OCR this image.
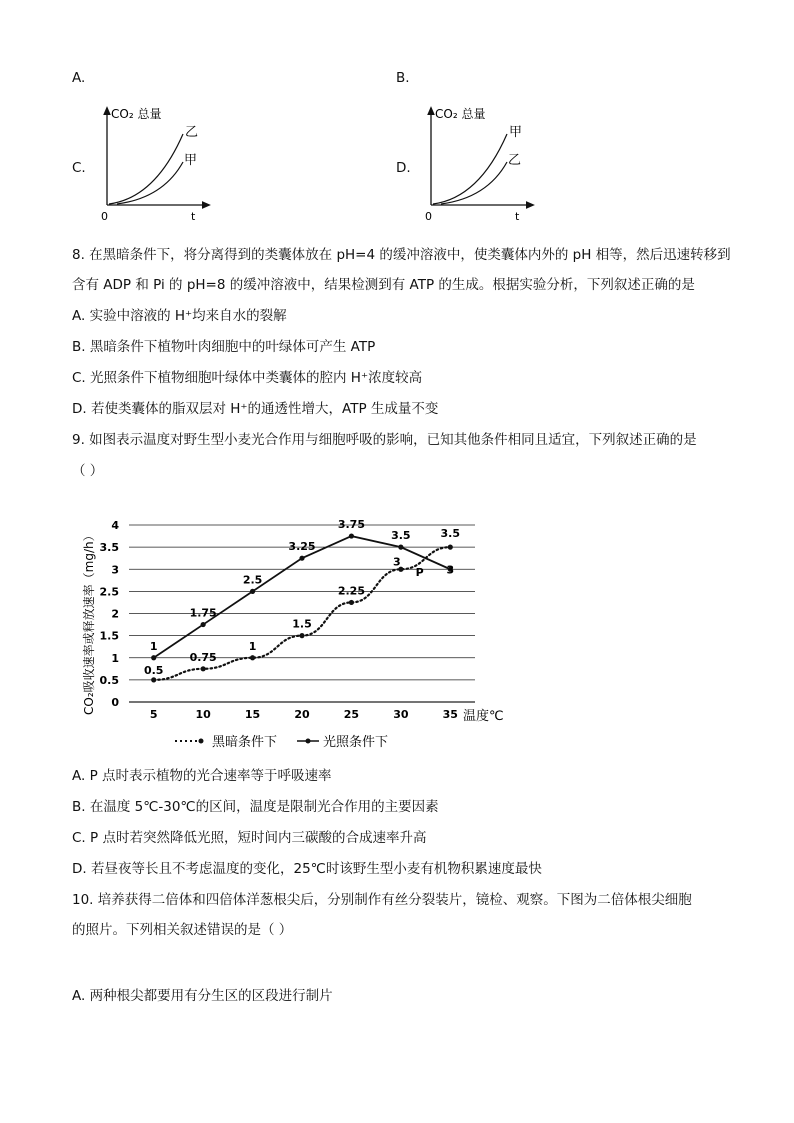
A.	B.
C.
CO₂ 总量
0	t
乙
甲	D.
CO₂ 总量
0	t
甲
乙
8. 在黑暗条件下，将分离得到的类囊体放在 pH=4 的缓冲溶液中，使类囊体内外的 pH 相等，然后迅速转移到
含有 ADP 和 Pi 的 pH=8 的缓冲溶液中，结果检测到有 ATP 的生成。根据实验分析，下列叙述正确的是
A. 实验中溶液的 H⁺均来自水的裂解
B. 黑暗条件下植物叶肉细胞中的叶绿体可产生 ATP
C. 光照条件下植物细胞叶绿体中类囊体的腔内 H⁺浓度较高
D. 若使类囊体的脂双层对 H⁺的通透性增大，ATP 生成量不变
9. 如图表示温度对野生型小麦光合作用与细胞呼吸的影响，已知其他条件相同且适宜，下列叙述正确的是
（ ）
0
0.5
1
1.5
2
2.5
3
3.5
4
5	10	15	20	25	30	35
0.5
0.75
1
1.5
2.25
3
3.5
1
1.75
2.5
3.25
3.75
3.5
3
CO₂吸收速率或释放速率（mg/h）
温度℃
黑暗条件下	光照条件下
P
A. P 点时表示植物的光合速率等于呼吸速率
B. 在温度 5℃-30℃的区间，温度是限制光合作用的主要因素
C. P 点时若突然降低光照，短时间内三碳酸的合成速率升高
D. 若昼夜等长且不考虑温度的变化，25℃时该野生型小麦有机物积累速度最快
10. 培养获得二倍体和四倍体洋葱根尖后，分别制作有丝分裂装片，镜检、观察。下图为二倍体根尖细胞
的照片。下列相关叙述错误的是（ ）
A. 两种根尖都要用有分生区的区段进行制片
